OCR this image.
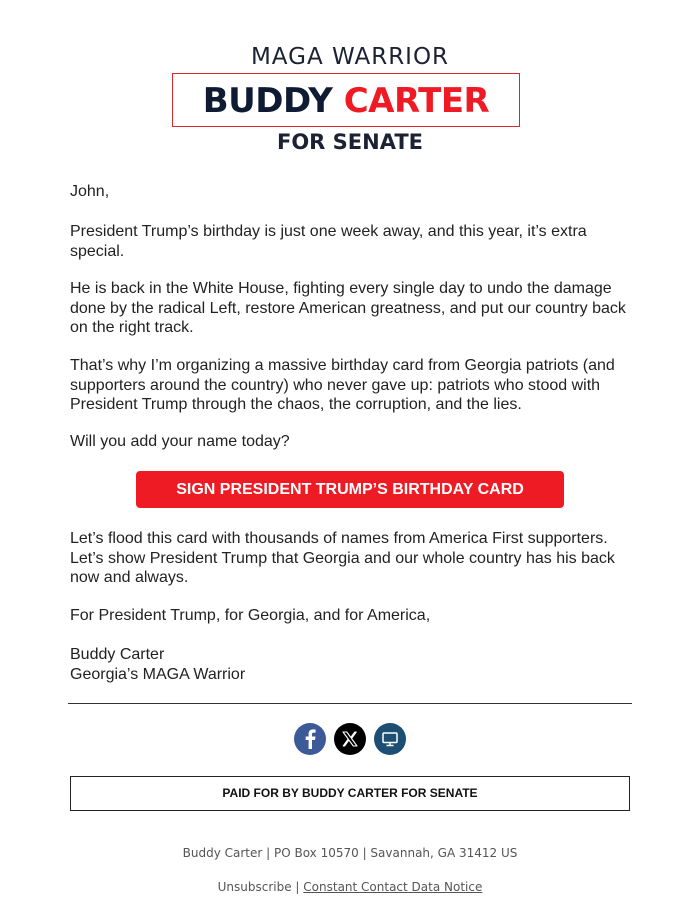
MAGA WARRIOR
BUDDY CARTER
FOR SENATE

John,

President Trump’s birthday is just one week away, and this year, it’s extra special.

He is back in the White House, fighting every single day to undo the damage done by the radical Left, restore American greatness, and put our country back on the right track.

That’s why I’m organizing a massive birthday card from Georgia patriots (and supporters around the country) who never gave up: patriots who stood with President Trump through the chaos, the corruption, and the lies.

Will you add your name today?

SIGN PRESIDENT TRUMP’S BIRTHDAY CARD

Let’s flood this card with thousands of names from America First supporters. Let’s show President Trump that Georgia and our whole country has his back now and always.

For President Trump, for Georgia, and for America,

Buddy Carter

Georgia’s MAGA Warrior

PAID FOR BY BUDDY CARTER FOR SENATE
Buddy Carter | PO Box 10570 | Savannah, GA 31412 US
Unsubscribe | Constant Contact Data Notice
